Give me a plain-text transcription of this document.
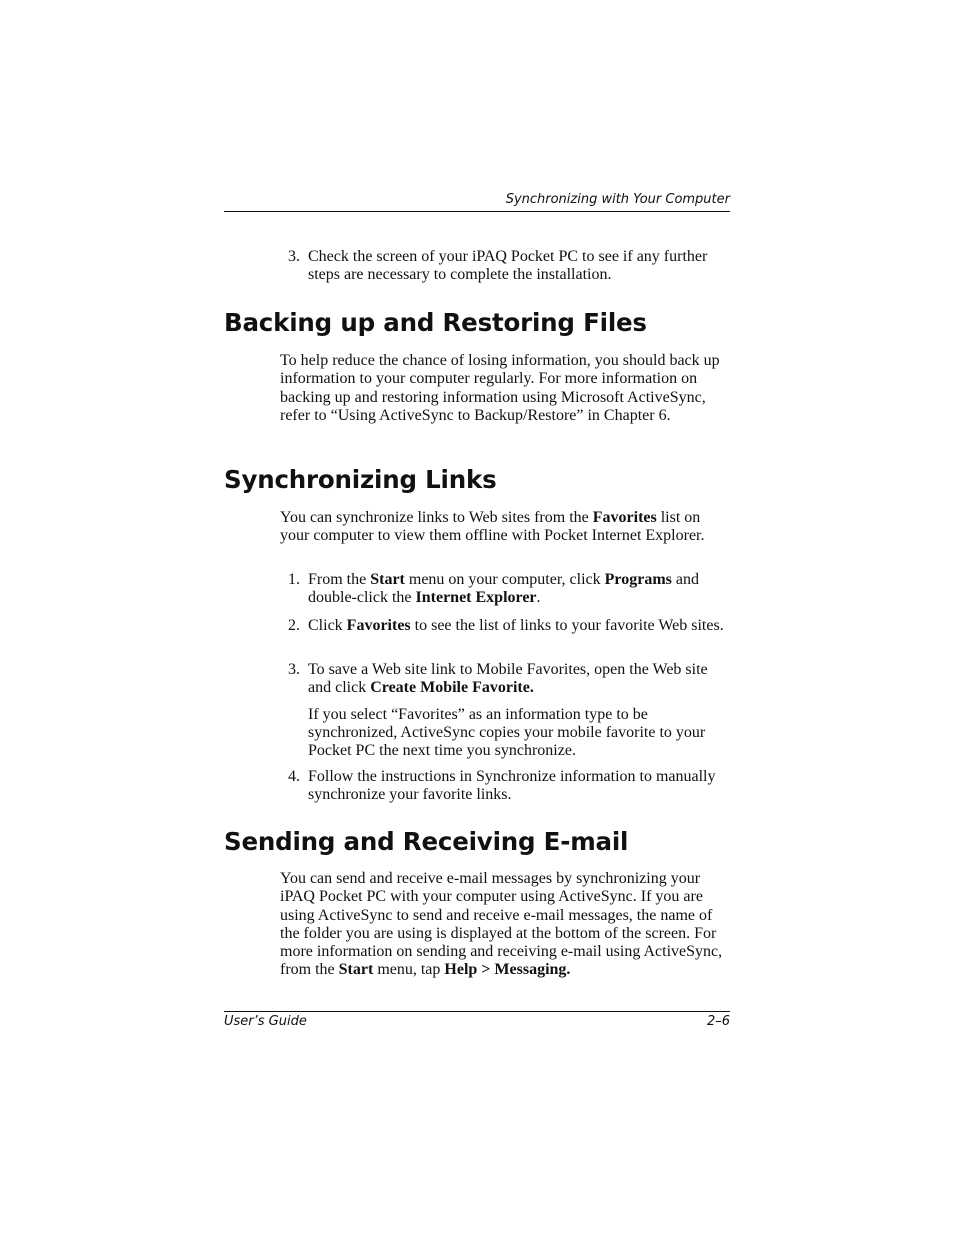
Synchronizing with Your Computer
3. Check the screen of your iPAQ Pocket PC to see if any further steps are necessary to complete the installation.
Backing up and Restoring Files

To help reduce the chance of losing information, you should back up information to your computer regularly. For more information on backing up and restoring information using Microsoft ActiveSync, refer to “Using ActiveSync to Backup/Restore” in Chapter 6.

Synchronizing Links

You can synchronize links to Web sites from the Favorites list on your computer to view them offline with Pocket Internet Explorer.

1. From the Start menu on your computer, click Programs and double-click the Internet Explorer.
2. Click Favorites to see the list of links to your favorite Web sites.
3. To save a Web site link to Mobile Favorites, open the Web site and click Create Mobile Favorite.
If you select “Favorites” as an information type to be synchronized, ActiveSync copies your mobile favorite to your Pocket PC the next time you synchronize.
4. Follow the instructions in Synchronize information to manually synchronize your favorite links.
Sending and Receiving E-mail

You can send and receive e-mail messages by synchronizing your iPAQ Pocket PC with your computer using ActiveSync. If you are using ActiveSync to send and receive e-mail messages, the name of the folder you are using is displayed at the bottom of the screen. For more information on sending and receiving e-mail using ActiveSync, from the Start menu, tap Help > Messaging.

User’s Guide	2–6
